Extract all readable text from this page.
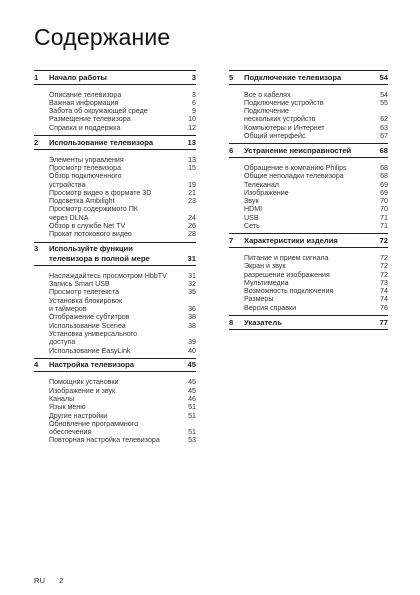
Содержание
1	Начало работы	3
Описание телевизора	3
Важная информация	6
Забота об окружающей среде	9
Размещение телевизора	10
Справка и поддержка	12
2	Использование телевизора	13
Элементы управления	13
Просмотр телевизора	15
Обзор подключенного
устройства	19
Просмотр видео в формате 3D	21
Подсветка Ambilight	23
Просмотр содержимого ПК
через DLNA	24
Обзор в службе Net TV	26
Прокат потокового видео	28
3	Используйте функции
телевизора в полной мере	31
Наслаждайтесь просмотром HbbTV	31
Запись Smart USB	32
Просмотр телетекста	35
Установка блокировок
и таймеров	36
Отображение субтитров	38
Использование Scenea	38
Установка универсального
доступа	39
Использование EasyLink	40
4	Настройка телевизора	45
Помощник установки	45
Изображение и звук	45
Каналы	46
Язык меню	51
Другие настройки	51
Обновление программного
обеспечения	51
Повторная настройка телевизора	53
5	Подключение телевизора	54
Все о кабелях	54
Подключение устройств	55
Подключение
нескольких устройств	62
Компьютеры и Интернет	63
Общий интерфейс	67
6	Устранение неисправностей	68
Обращение в компанию Philips	68
Общие неполадки телевизора	68
Телеканал	69
Изображение	69
Звук	70
HDMI	70
USB	71
Сеть	71
7	Характеристики изделия	72
Питание и прием сигнала	72
Экран и звук	72
разрешение изображения	72
Мультимедиа	73
Возможность подключения	74
Размеры	74
Версия справки	76
8	Указатель	77
RU 2
